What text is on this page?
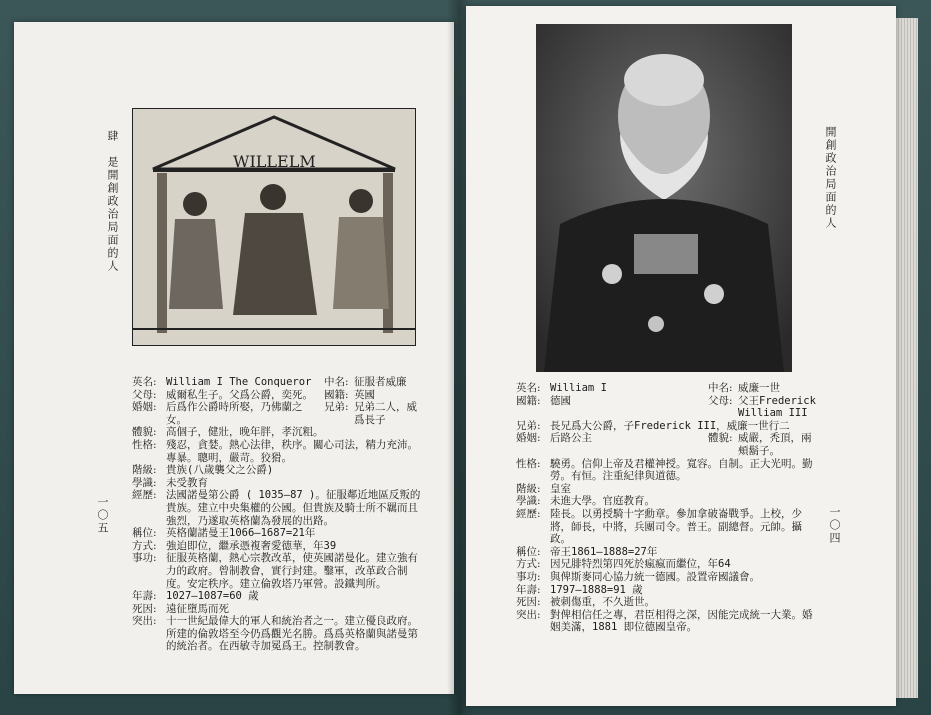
WILLELM
肆　是開創政治局面的人
一〇五
英名: William I The Conqueror	中名: 征服者威廉
父母: 威爾私生子。父爲公爵，奕死。 國籍: 英國
婚姻: 后爲作公爵時所娶，乃佛蘭之女。
兄弟: 兄弟二人，威爲長子
體貌: 高個子，健壯，晚年胖，孝沉粗。
性格: 殘忍，貪婪。熱心法律，秩序。關心司法，精力充沛。專暴。聰明，嚴苛。狡猾。
階級: 貴族(八歲襲父之公爵)
學識: 未受教育
經歷: 法國諾曼第公爵 ( 1035—87 )。征服鄰近地區反叛的貴族。建立中央集權的公國。但貴族及騎士所不羈而且強烈，乃遂取英格蘭為發展的出路。
稱位: 英格蘭諾曼王1066—1687=21年
方式: 強迫即位，繼承憑複奢愛德華，年39
事功: 征服英格蘭，熱心宗教改革，使英國諾曼化。建立強有力的政府。曾制教會，實行封建。鑿軍，改革政合制度。安定秩序。建立倫敦塔乃軍營。設鐵判所。
年壽: 1027—1087=60 歲
死因: 遠征墮馬而死
突出: 十一世紀最偉大的軍人和統治者之一。建立優良政府。所建的倫敦塔至今仍爲觀光名勝。爲爲英格蘭與諾曼第的統治者。在西敏寺加冕爲王。控制教會。
開創政治局面的人
一〇四
英名: William I	中名: 威廉一世
國籍: 德國	父母: 父王Frederick William III
兄弟: 長兄爲大公爵，子Frederick III，威廉一世行二
婚姻: 后路公主	體貌: 威嚴，秃頂，兩頰鬍子。
性格: 驍勇。信仰上帝及君權神授。寬容。自制。正大光明。勤勞。有恒。注重紀律與道德。
階級: 皇室
學識: 未進大學。官庭教育。
經歷: 陸長。以勇授騎十字勳章。參加拿破崙戰爭。上校，少將，師長，中將，兵團司令。普王。副總督。元帥。攝政。
稱位: 帝王1861—1888=27年
方式: 因兄腓特烈第四死於瘋瘋而繼位，年64
事功: 與俾斯麥同心協力統一德國。設置帝國議會。
年壽: 1797—1888=91 歲
死因: 被刺傷重，不久逝世。
突出: 對俾相信任之專，君臣相得之深，因能完成統一大業。婚姻美滿，1881 即位德國皇帝。
